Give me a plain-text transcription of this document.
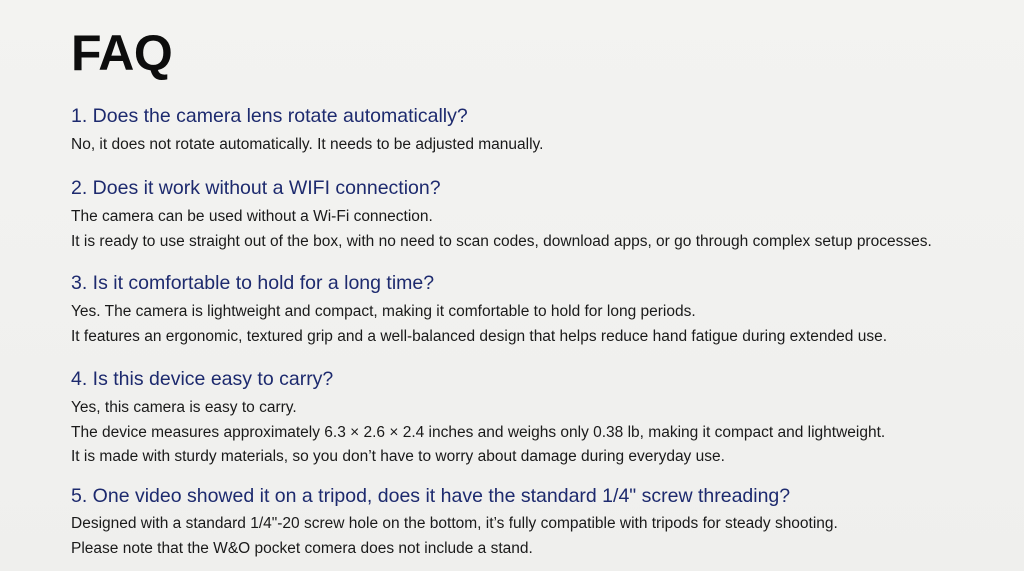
FAQ
1. Does the camera lens rotate automatically?
No, it does not rotate automatically. It needs to be adjusted manually.
2. Does it work without a WIFI connection?
The camera can be used without a Wi-Fi connection.
It is ready to use straight out of the box, with no need to scan codes, download apps, or go through complex setup processes.
3. Is it comfortable to hold for a long time?
Yes. The camera is lightweight and compact, making it comfortable to hold for long periods.
It features an ergonomic, textured grip and a well-balanced design that helps reduce hand fatigue during extended use.
4. Is this device easy to carry?
Yes, this camera is easy to carry.
The device measures approximately 6.3 × 2.6 × 2.4 inches and weighs only 0.38 lb, making it compact and lightweight.
It is made with sturdy materials, so you don’t have to worry about damage during everyday use.
5. One video showed it on a tripod, does it have the standard 1/4" screw threading?
Designed with a standard 1/4"-20 screw hole on the bottom, it’s fully compatible with tripods for steady shooting.
Please note that the W&O pocket comera does not include a stand.
